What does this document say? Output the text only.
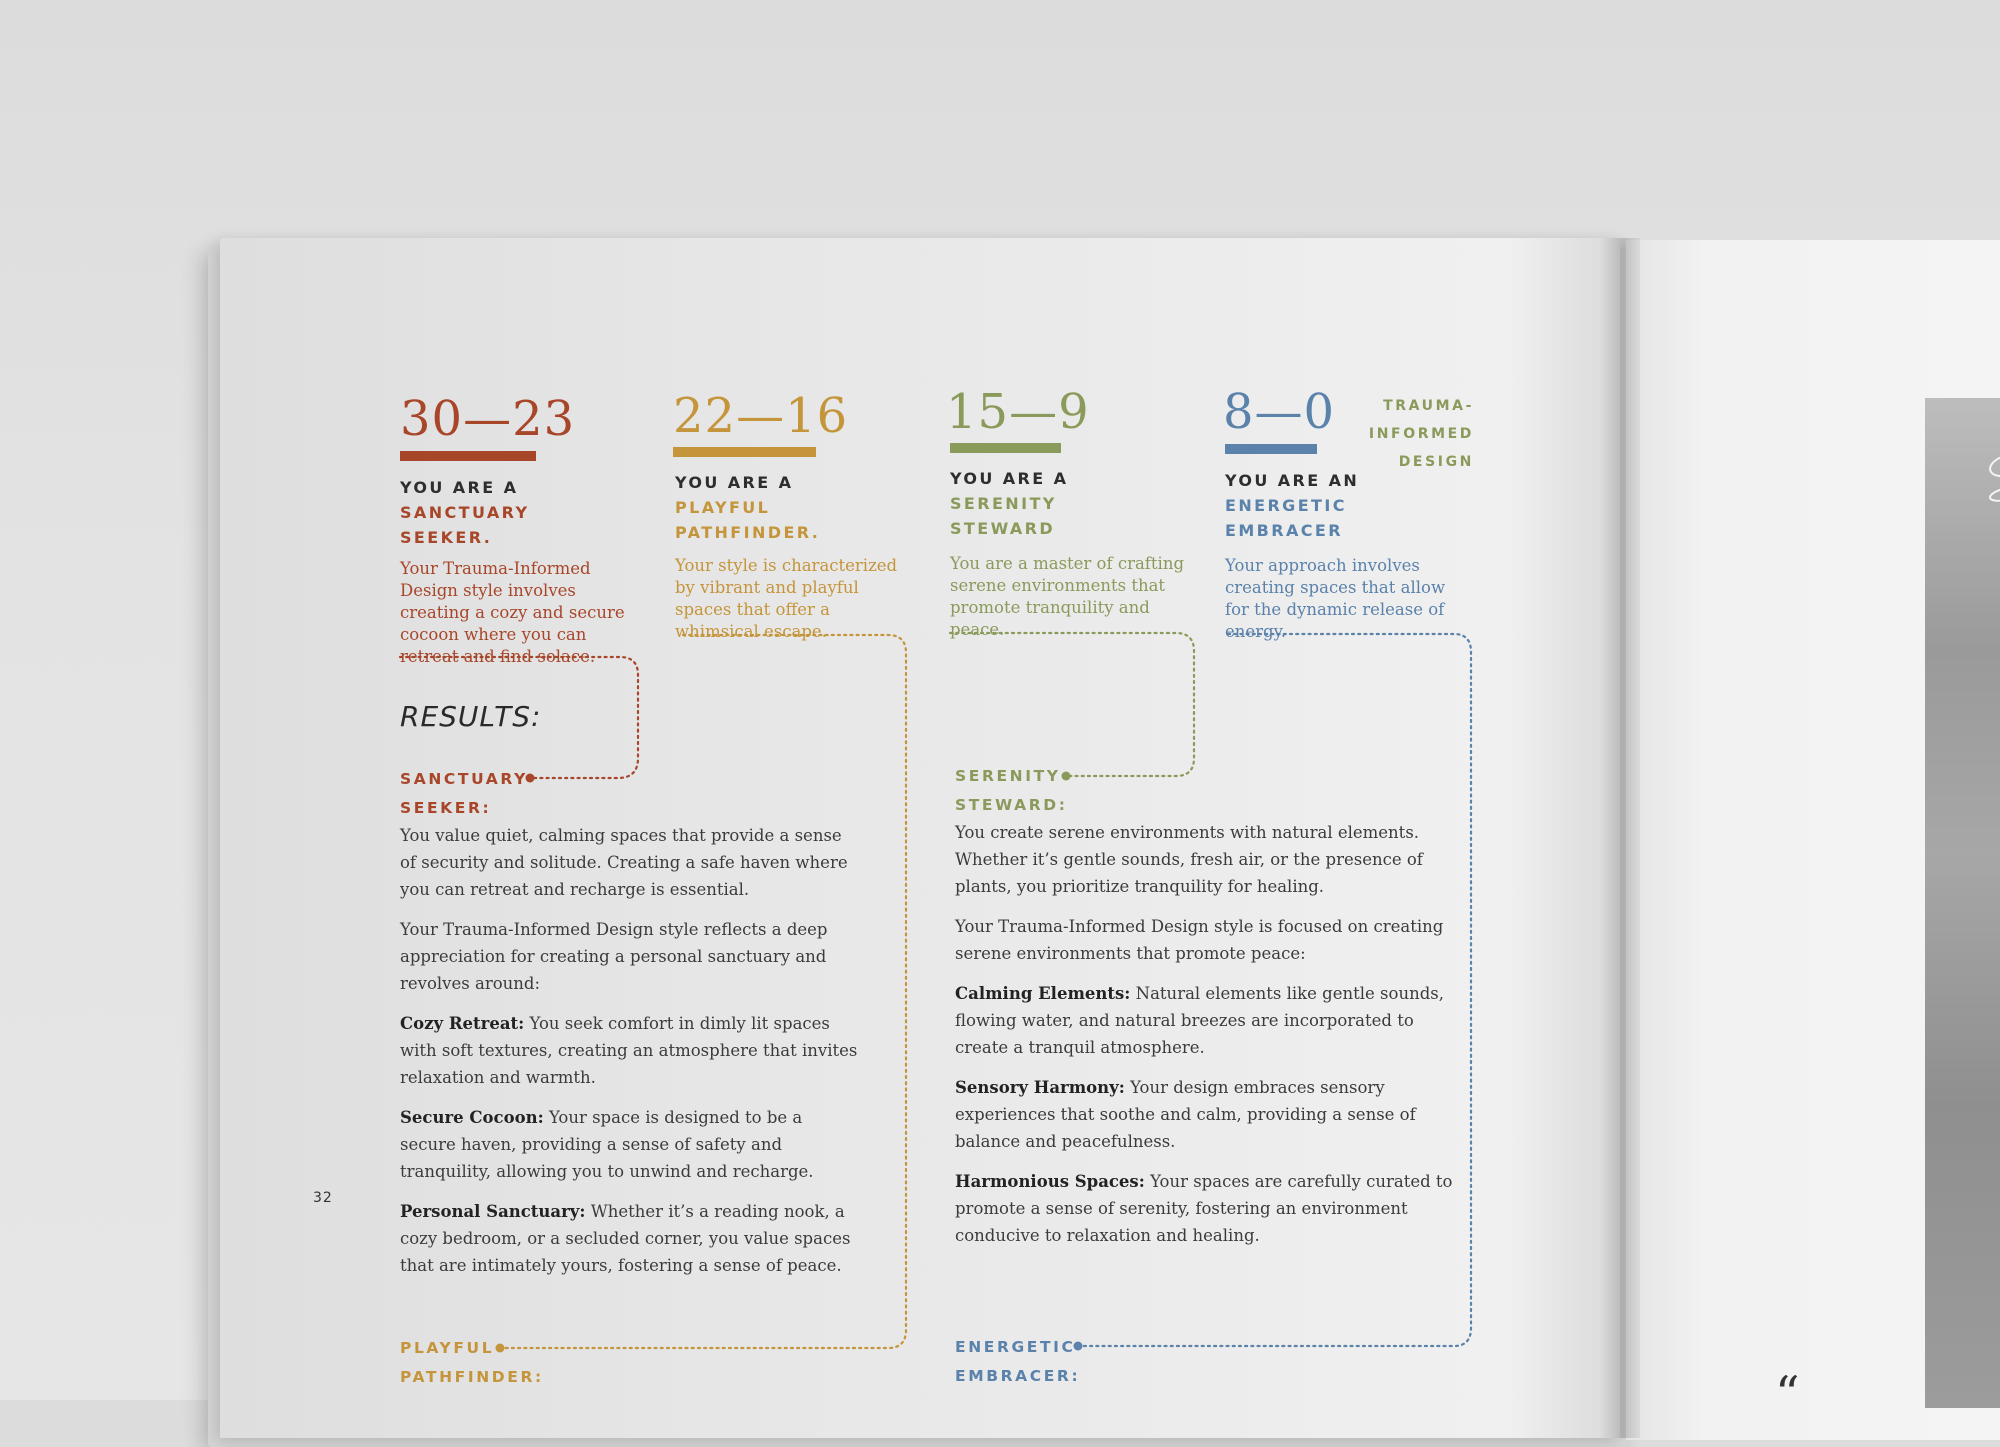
“
30—23
YOU ARE A
SANCTUARY
SEEKER.
Your Trauma-Informed Design style involves creating a cozy and secure cocoon where you can retreat and find solace.
22—16
YOU ARE A
PLAYFUL
PATHFINDER.
Your style is characterized by vibrant and playful spaces that offer a whimsical escape.
15—9
YOU ARE A
SERENITY
STEWARD
You are a master of crafting serene environments that promote tranquility and peace.
8—0
YOU ARE AN
ENERGETIC
EMBRACER
Your approach involves creating spaces that allow for the dynamic release of energy.
TRAUMA-
INFORMED
DESIGN
RESULTS:
SANCTUARY
SEEKER:

You value quiet, calming spaces that provide a sense of security and solitude. Creating a safe haven where you can retreat and recharge is essential.

Your Trauma-Informed Design style reflects a deep appreciation for creating a personal sanctuary and revolves around:

Cozy Retreat: You seek comfort in dimly lit spaces with soft textures, creating an atmosphere that invites relaxation and warmth.

Secure Cocoon: Your space is designed to be a secure haven, providing a sense of safety and tranquility, allowing you to unwind and recharge.

Personal Sanctuary: Whether it’s a reading nook, a cozy bedroom, or a secluded corner, you value spaces that are intimately yours, fostering a sense of peace.

SERENITY
STEWARD:

You create serene environments with natural elements. Whether it’s gentle sounds, fresh air, or the presence of plants, you prioritize tranquility for healing.

Your Trauma-Informed Design style is focused on creating serene environments that promote peace:

Calming Elements: Natural elements like gentle sounds, flowing water, and natural breezes are incorporated to create a tranquil atmosphere.

Sensory Harmony: Your design embraces sensory experiences that soothe and calm, providing a sense of balance and peacefulness.

Harmonious Spaces: Your spaces are carefully curated to promote a sense of serenity, fostering an environment conducive to relaxation and healing.

PLAYFUL
PATHFINDER:
ENERGETIC
EMBRACER:
32
